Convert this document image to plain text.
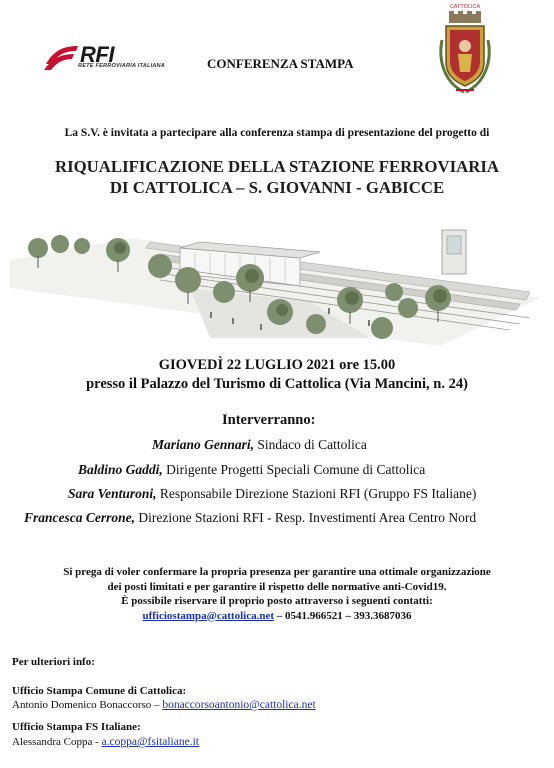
RFI
RETE FERROVIARIA ITALIANA	CONFERENZA STAMPA
CATTOLICA
La S.V. è invitata a partecipare alla conferenza stampa di presentazione del progetto di
RIQUALIFICAZIONE DELLA STAZIONE FERROVIARIA
DI CATTOLICA – S. GIOVANNI - GABICCE
GIOVEDÌ 22 LUGLIO 2021 ore 15.00
presso il Palazzo del Turismo di Cattolica (Via Mancini, n. 24)
Interverranno:
Mariano Gennari, Sindaco di Cattolica
Baldino Gaddi, Dirigente Progetti Speciali Comune di Cattolica
Sara Venturoni, Responsabile Direzione Stazioni RFI (Gruppo FS Italiane)
Francesca Cerrone, Direzione Stazioni RFI - Resp. Investimenti Area Centro Nord
Si prega di voler confermare la propria presenza per garantire una ottimale organizzazione
dei posti limitati e per garantire il rispetto delle normative anti-Covid19.
È possibile riservare il proprio posto attraverso i seguenti contatti:
ufficiostampa@cattolica.net – 0541.966521 – 393.3687036
Per ulteriori info:
Ufficio Stampa Comune di Cattolica:
Antonio Domenico Bonaccorso – bonaccorsoantonio@cattolica.net
Ufficio Stampa FS Italiane:
Alessandra Coppa - a.coppa@fsitaliane.it
